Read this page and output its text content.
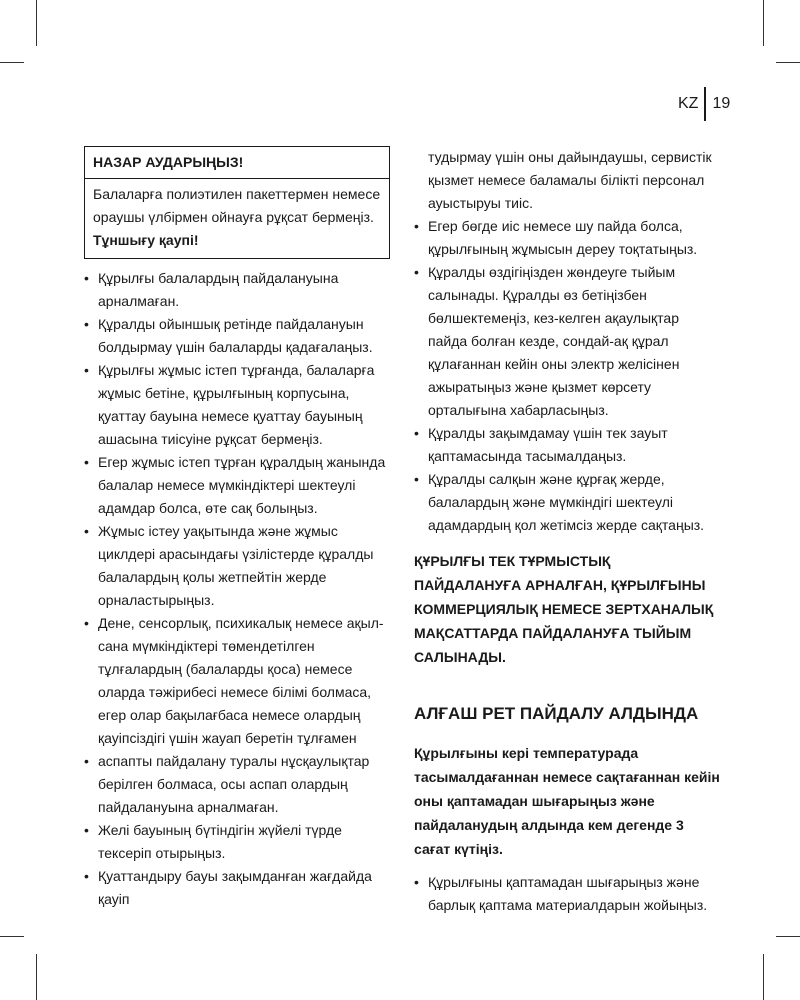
KZ 19
НАЗАР АУДАРЫҢЫЗ!
Балаларға полиэтилен пакеттермен немесе ораушы үлбірмен ойнауға рұқсат бермеңіз. Тұншығу қаупі!
• Құрылғы балалардың пайдалануына арналмаған.
• Құралды ойыншық ретінде пайдалануын болдырмау үшін балаларды қадағалаңыз.
• Құрылғы жұмыс істеп тұрғанда, балаларға жұмыс бетіне, құрылғының корпусына, қуаттау бауына немесе қуаттау бауының ашасына тиісуіне рұқсат бермеңіз.
• Егер жұмыс істеп тұрған құралдың жанында балалар немесе мүмкіндіктері шектеулі адамдар болса, өте сақ болыңыз.
• Жұмыс істеу уақытында және жұмыс циклдері арасындағы үзілістерде құралды балалардың қолы жетпейтін жерде орналастырыңыз.
• Дене, сенсорлық, психикалық немесе ақыл-сана мүмкіндіктері төмендетілген тұлғалардың (балаларды қоса) немесе оларда тәжірибесі немесе білімі болмаса, егер олар бақылағбаса немесе олардың қауіпсіздігі үшін жауап беретін тұлғамен
• аспапты пайдалану туралы нұсқаулықтар берілген болмаса, осы аспап олардың пайдалануына арналмаған.
• Желі бауының бүтіндігін жүйелі түрде тексеріп отырыңыз.
• Қуаттандыру бауы зақымданған жағдайда қауіп
тудырмау үшін оны дайындаушы, сервистік қызмет немесе баламалы білікті персонал ауыстыруы тиіс.
• Егер бөгде иіс немесе шу пайда болса, құрылғының жұмысын дереу тоқтатыңыз.
• Құралды өздігіңізден жөндеуге тыйым салынады. Құралды өз бетіңізбен бөлшектемеңіз, кез-келген ақаулықтар пайда болған кезде, сондай-ақ құрал құлағаннан кейін оны электр желісінен ажыратыңыз және қызмет көрсету орталығына хабарласыңыз.
• Құралды зақымдамау үшін тек зауыт қаптамасында тасымалдаңыз.
• Құралды салқын және құрғақ жерде, балалардың және мүмкіндігі шектеулі адамдардың қол жетімсіз жерде сақтаңыз.
ҚҰРЫЛҒЫ ТЕК ТҰРМЫСТЫҚ ПАЙДАЛАНУҒА АРНАЛҒАН, ҚҰРЫЛҒЫНЫ КОММЕРЦИЯЛЫҚ НЕМЕСЕ ЗЕРТХАНАЛЫҚ МАҚСАТТАРДА ПАЙДАЛАНУҒА ТЫЙЫМ САЛЫНАДЫ.
АЛҒАШ РЕТ ПАЙДАЛУ АЛДЫНДА
Құрылғыны кері температурада тасымалдағаннан немесе сақтағаннан кейін оны қаптамадан шығарыңыз және пайдаланудың алдында кем дегенде 3 сағат күтіңіз.
• Құрылғыны қаптамадан шығарыңыз және барлық қаптама материалдарын жойыңыз.
